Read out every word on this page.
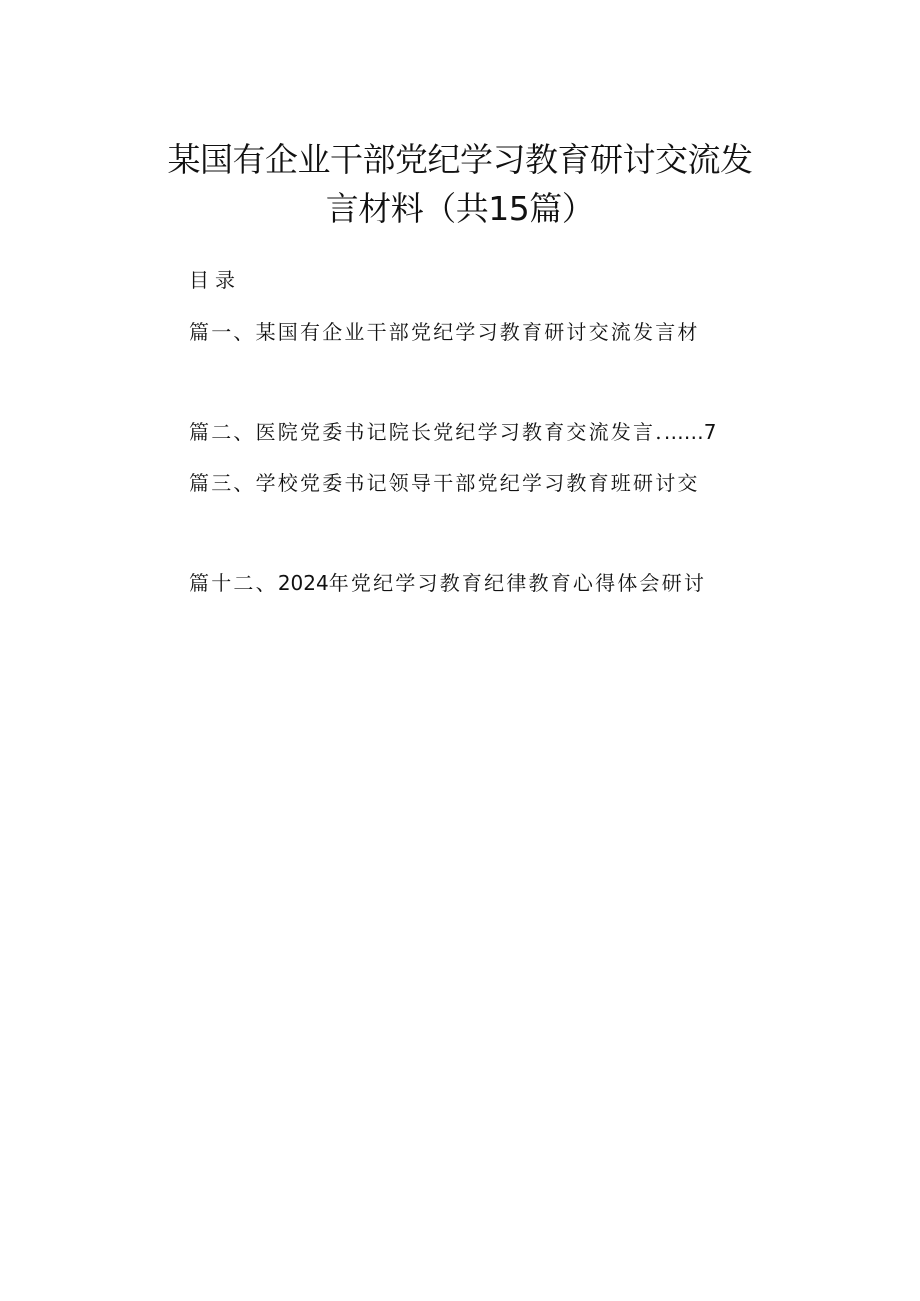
某国有企业干部党纪学习教育研讨交流发
言材料（共15篇）
目录
篇一、某国有企业干部党纪学习教育研讨交流发言材
篇二、医院党委书记院长党纪学习教育交流发言.……7
篇三、学校党委书记领导干部党纪学习教育班研讨交
篇十二、2024年党纪学习教育纪律教育心得体会研讨
